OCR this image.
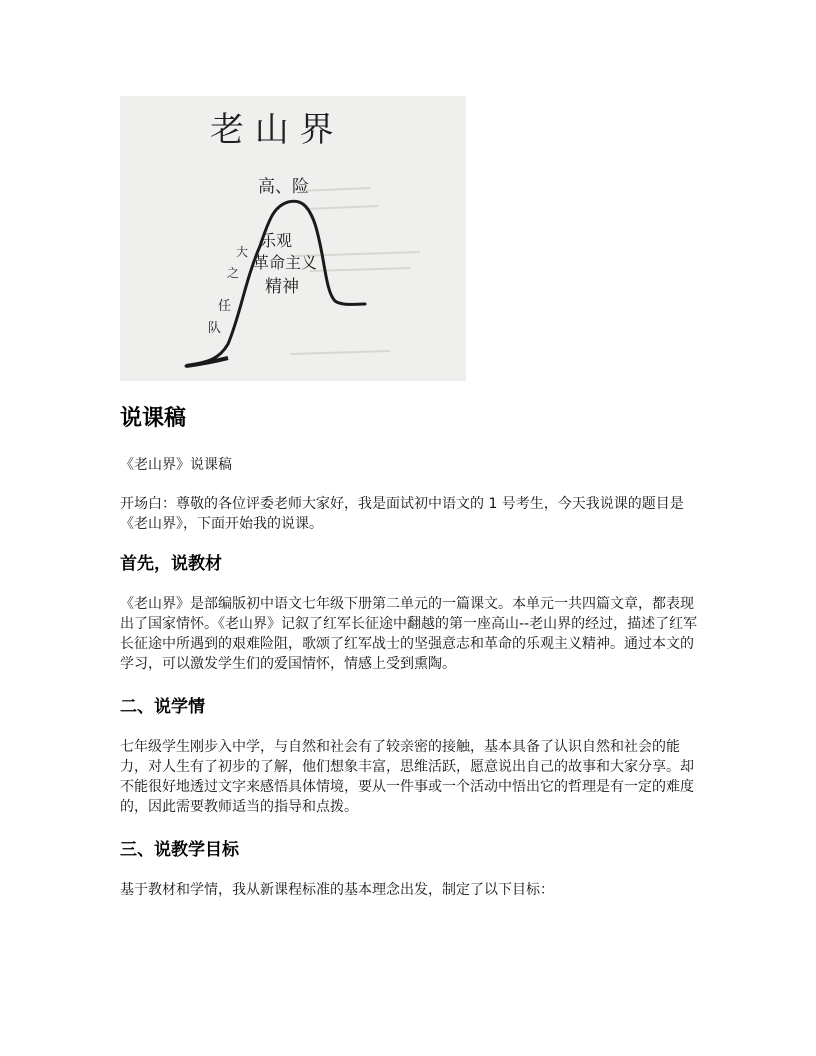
老 山 界
高、险
大
之
任
队
乐观
革命主义
精神
说课稿

《老山界》说课稿

开场白：尊敬的各位评委老师大家好，我是面试初中语文的 1 号考生，今天我说课的题目是《老山界》，下面开始我的说课。

首先，说教材

《老山界》是部编版初中语文七年级下册第二单元的一篇课文。本单元一共四篇文章，都表现出了国家情怀。《老山界》记叙了红军长征途中翻越的第一座高山--老山界的经过，描述了红军长征途中所遇到的艰难险阻，歌颂了红军战士的坚强意志和革命的乐观主义精神。通过本文的学习，可以激发学生们的爱国情怀，情感上受到熏陶。

二、说学情

七年级学生刚步入中学，与自然和社会有了较亲密的接触，基本具备了认识自然和社会的能力，对人生有了初步的了解，他们想象丰富，思维活跃，愿意说出自己的故事和大家分享。却不能很好地透过文字来感悟具体情境，要从一件事或一个活动中悟出它的哲理是有一定的难度的，因此需要教师适当的指导和点拨。

三、说教学目标

基于教材和学情，我从新课程标准的基本理念出发，制定了以下目标：
